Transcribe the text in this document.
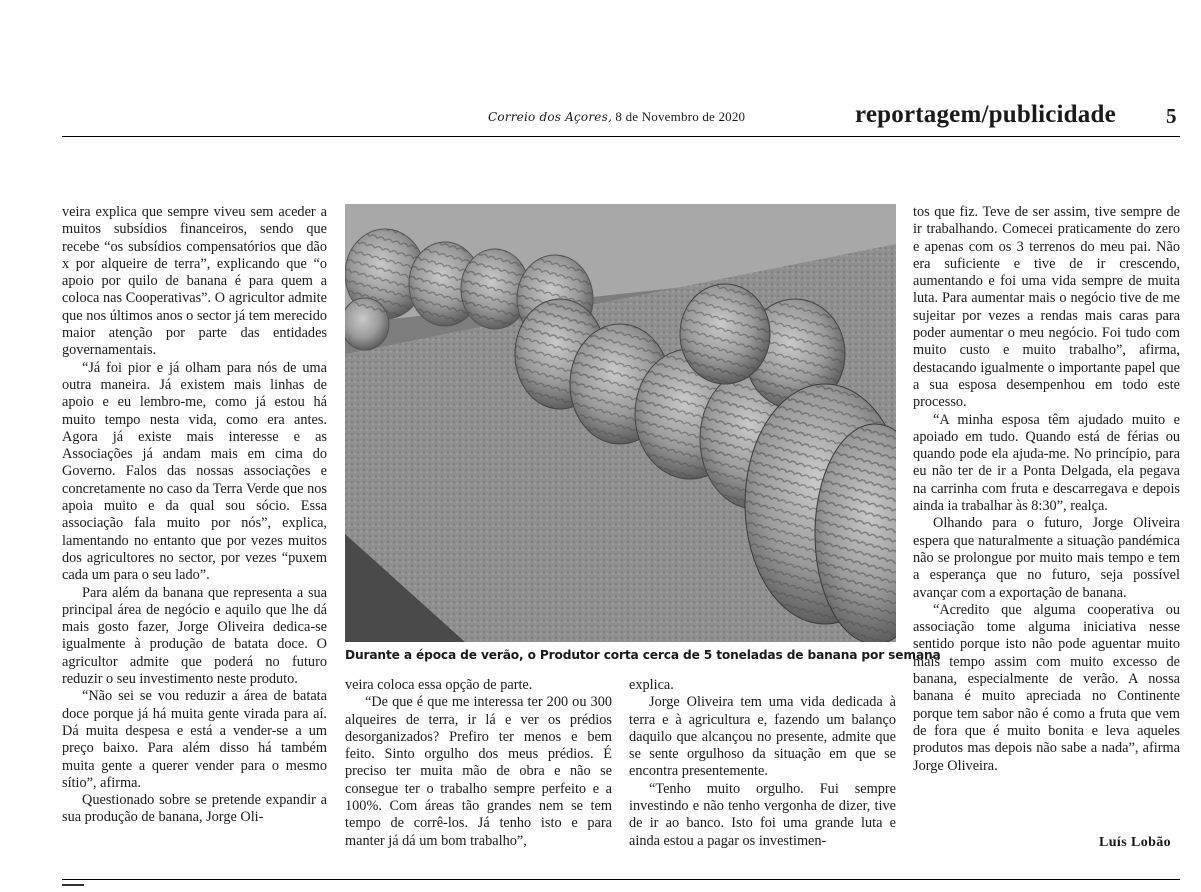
Correio dos Açores, 8 de Novembro de 2020	reportagem/publicidade 5

veira explica que sempre viveu sem aceder a muitos subsídios financeiros, sendo que recebe “os subsídios compensatórios que dão x por alqueire de terra”, explicando que “o apoio por quilo de banana é para quem a coloca nas Cooperativas”. O agricultor admite que nos últimos anos o sector já tem merecido maior atenção por parte das entidades governamentais.

“Já foi pior e já olham para nós de uma outra maneira. Já existem mais linhas de apoio e eu lembro-me, como já estou há muito tempo nesta vida, como era antes. Agora já existe mais interesse e as Associações já andam mais em cima do Governo. Falos das nossas associações e concretamente no caso da Terra Verde que nos apoia muito e da qual sou sócio. Essa associação fala muito por nós”, explica, lamentando no entanto que por vezes muitos dos agricultores no sector, por vezes “puxem cada um para o seu lado”.

Para além da banana que representa a sua principal área de negócio e aquilo que lhe dá mais gosto fazer, Jorge Oliveira dedica-se igualmente à produção de batata doce. O agricultor admite que poderá no futuro reduzir o seu investimento neste produto.

“Não sei se vou reduzir a área de batata doce porque já há muita gente virada para aí. Dá muita despesa e está a vender-se a um preço baixo. Para além disso há também muita gente a querer vender para o mesmo sítio”, afirma.

Questionado sobre se pretende expandir a sua produção de banana, Jorge Oli-

Durante a época de verão, o Produtor corta cerca de 5 toneladas de banana por semana

veira coloca essa opção de parte.

“De que é que me interessa ter 200 ou 300 alqueires de terra, ir lá e ver os prédios desorganizados? Prefiro ter menos e bem feito. Sinto orgulho dos meus prédios. É preciso ter muita mão de obra e não se consegue ter o trabalho sempre perfeito e a 100%. Com áreas tão grandes nem se tem tempo de corrê-los. Já tenho isto e para manter já dá um bom trabalho”,

explica.

Jorge Oliveira tem uma vida dedicada à terra e à agricultura e, fazendo um balanço daquilo que alcançou no presente, admite que se sente orgulhoso da situação em que se encontra presentemente.

“Tenho muito orgulho. Fui sempre investindo e não tenho vergonha de dizer, tive de ir ao banco. Isto foi uma grande luta e ainda estou a pagar os investimen-

tos que fiz. Teve de ser assim, tive sempre de ir trabalhando. Comecei praticamente do zero e apenas com os 3 terrenos do meu pai. Não era suficiente e tive de ir crescendo, aumentando e foi uma vida sempre de muita luta. Para aumentar mais o negócio tive de me sujeitar por vezes a rendas mais caras para poder aumentar o meu negócio. Foi tudo com muito custo e muito trabalho”, afirma, destacando igualmente o importante papel que a sua esposa desempenhou em todo este processo.

“A minha esposa têm ajudado muito e apoiado em tudo. Quando está de férias ou quando pode ela ajuda-me. No princípio, para eu não ter de ir a Ponta Delgada, ela pegava na carrinha com fruta e descarregava e depois ainda ia trabalhar às 8:30”, realça.

Olhando para o futuro, Jorge Oliveira espera que naturalmente a situação pandémica não se prolongue por muito mais tempo e tem a esperança que no futuro, seja possível avançar com a exportação de banana.

“Acredito que alguma cooperativa ou associação tome alguma iniciativa nesse sentido porque isto não pode aguentar muito mais tempo assim com muito excesso de banana, especialmente de verão. A nossa banana é muito apreciada no Continente porque tem sabor não é como a fruta que vem de fora que é muito bonita e leva aqueles produtos mas depois não sabe a nada”, afirma Jorge Oliveira.

Luís Lobão
